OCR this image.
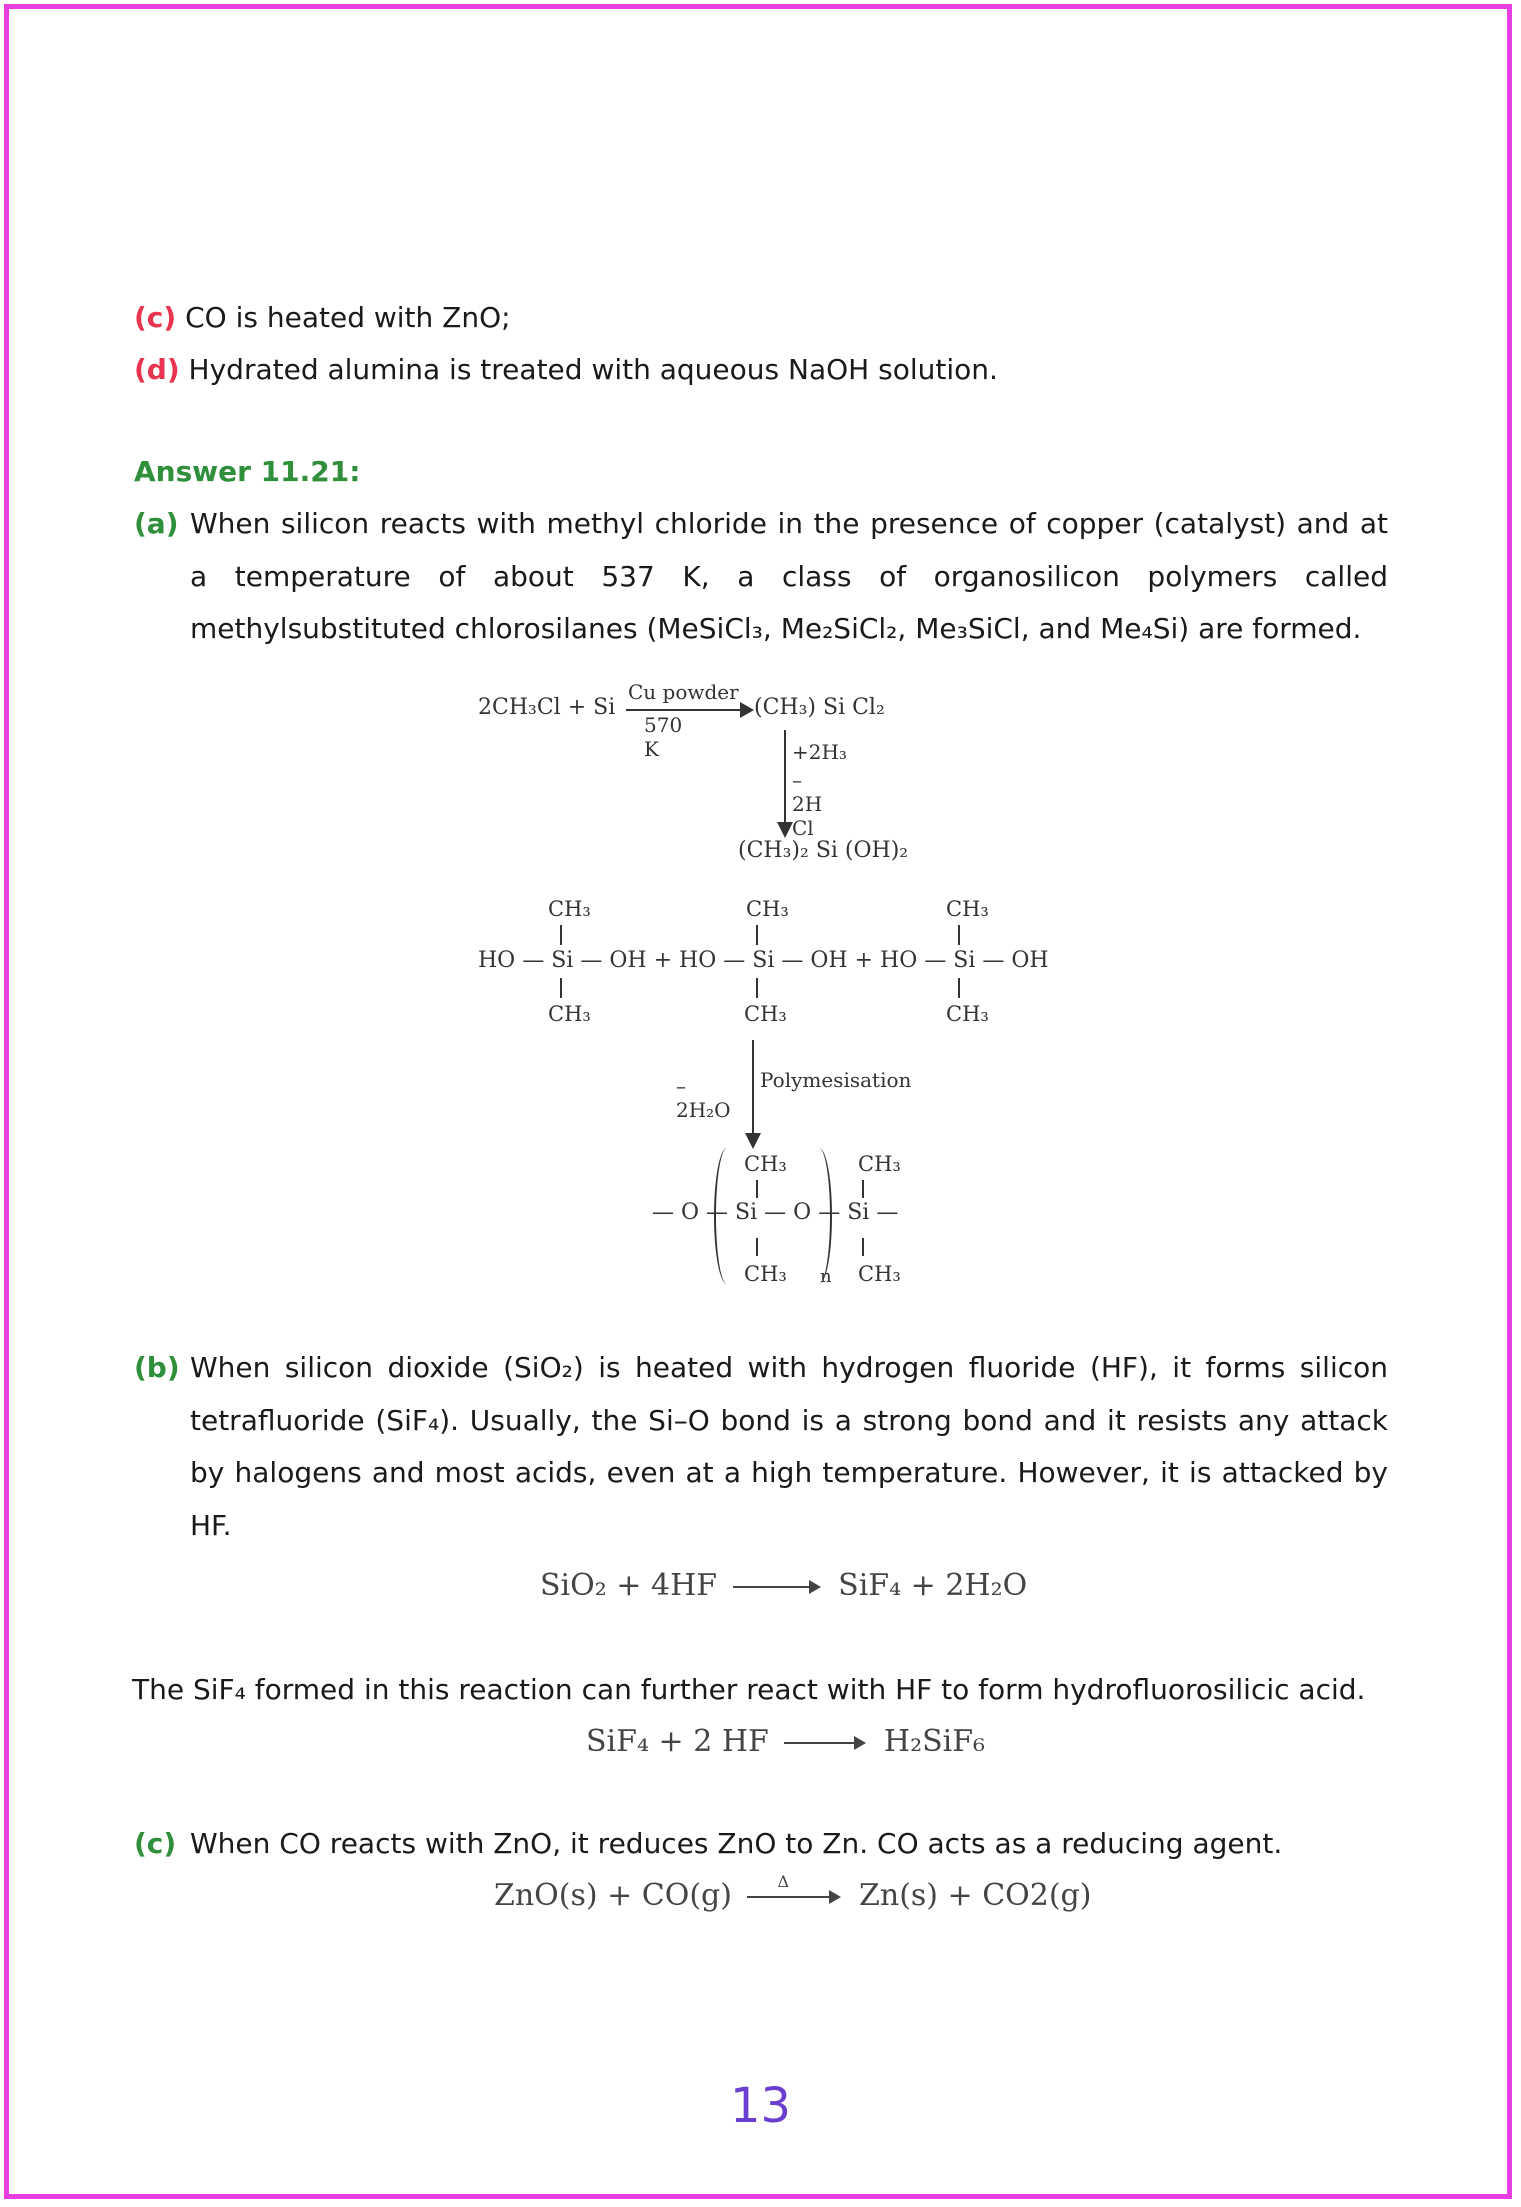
(c) CO is heated with ZnO;
(d) Hydrated alumina is treated with aqueous NaOH solution.
Answer 11.21:
(a) When silicon reacts with methyl chloride in the presence of copper (catalyst) and at a temperature of about 537 K, a class of organosilicon polymers called methylsubstituted chlorosilanes (MeSiCl₃, Me₂SiCl₂, Me₃SiCl, and Me₄Si) are formed.
2CH₃Cl + Si
Cu powder
570 K
(CH₃) Si Cl₂
+2H₃
–2H Cl
(CH₃)₂ Si (OH)₂
CH₃
CH₃
CH₃
CH₃
CH₃
CH₃
HO — Si — OH + HO — Si — OH + HO — Si — OH
–2H₂O
Polymesisation
CH₃
CH₃
CH₃
CH₃
— O — Si — O — Si —
n
(b) When silicon dioxide (SiO₂) is heated with hydrogen fluoride (HF), it forms silicon tetrafluoride (SiF₄). Usually, the Si–O bond is a strong bond and it resists any attack by halogens and most acids, even at a high temperature. However, it is attacked by HF.
SiO₂ + 4HF	SiF₄ + 2H₂O
The SiF₄ formed in this reaction can further react with HF to form hydrofluorosilicic acid.
SiF₄ + 2 HF	H₂SiF₆
(c) When CO reacts with ZnO, it reduces ZnO to Zn. CO acts as a reducing agent.
ZnO(s) + CO(g)	Δ Zn(s) + CO2(g)
13
